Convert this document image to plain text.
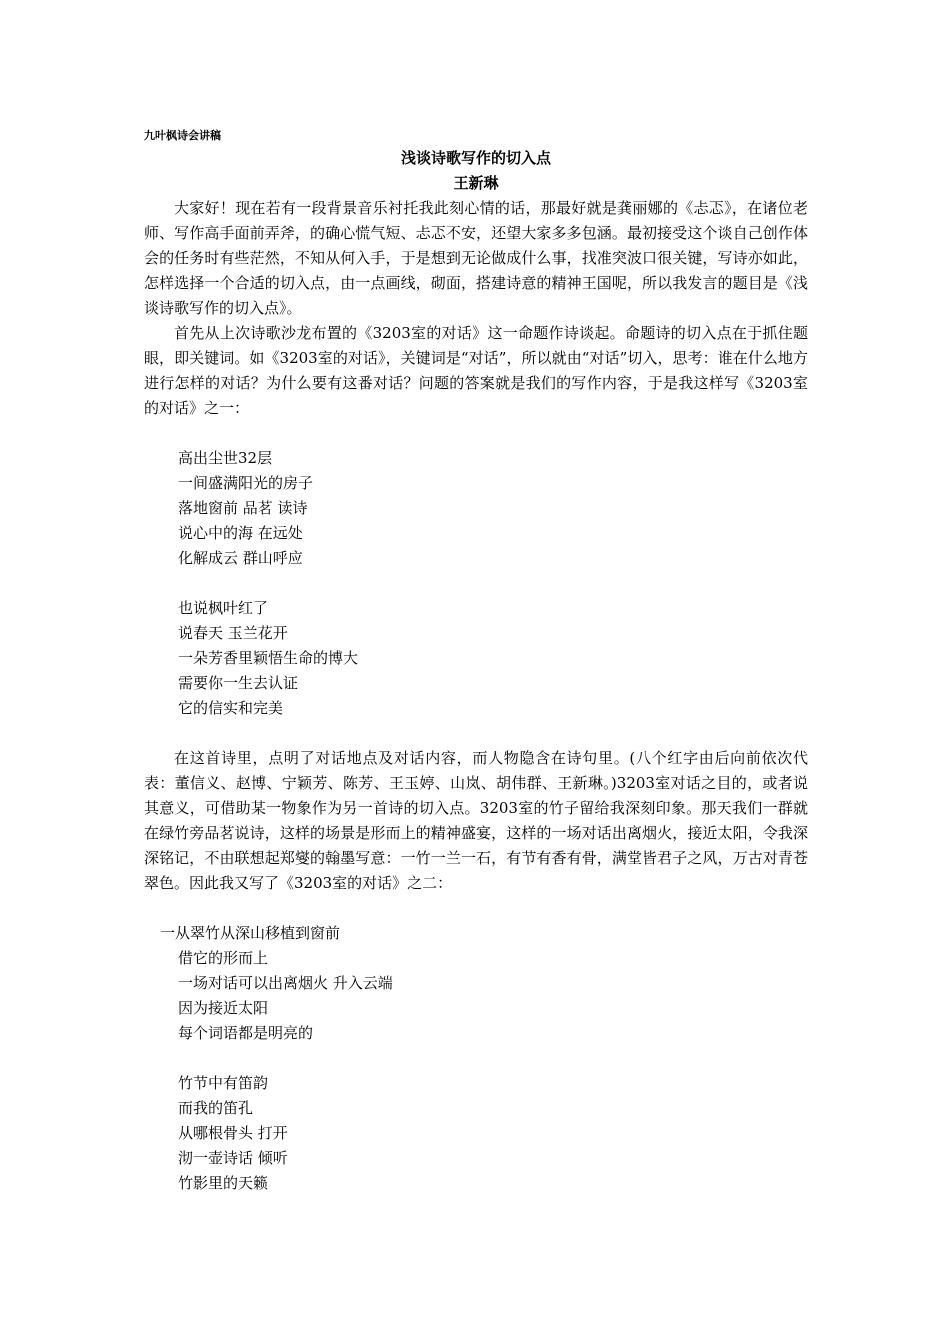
九叶枫诗会讲稿
浅谈诗歌写作的切入点
王新琳

大家好！现在若有一段背景音乐衬托我此刻心情的话，那最好就是龚丽娜的《忐忑》，在诸位老师、写作高手面前弄斧，的确心慌气短、忐忑不安，还望大家多多包涵。最初接受这个谈自己创作体会的任务时有些茫然，不知从何入手，于是想到无论做成什么事，找准突波口很关键，写诗亦如此，怎样选择一个合适的切入点，由一点画线，砌面，搭建诗意的精神王国呢，所以我发言的题目是《浅谈诗歌写作的切入点》。

首先从上次诗歌沙龙布置的《3203室的对话》这一命题作诗谈起。命题诗的切入点在于抓住题眼，即关键词。如《3203室的对话》，关键词是“对话”，所以就由“对话”切入，思考：谁在什么地方进行怎样的对话？为什么要有这番对话？问题的答案就是我们的写作内容，于是我这样写《3203室的对话》之一：

高出尘世32层
一间盛满阳光的房子
落地窗前 品茗 读诗
说心中的海 在远处
化解成云 群山呼应
也说枫叶红了
说春天 玉兰花开
一朵芳香里颖悟生命的博大
需要你一生去认证
它的信实和完美

在这首诗里，点明了对话地点及对话内容，而人物隐含在诗句里。(八个红字由后向前依次代表：董信义、赵博、宁颖芳、陈芳、王玉婷、山岚、胡伟群、王新琳。)3203室对话之目的，或者说其意义，可借助某一物象作为另一首诗的切入点。3203室的竹子留给我深刻印象。那天我们一群就在绿竹旁品茗说诗，这样的场景是形而上的精神盛宴，这样的一场对话出离烟火，接近太阳，令我深深铭记，不由联想起郑燮的翰墨写意：一竹一兰一石，有节有香有骨，满堂皆君子之风，万古对青苍翠色。因此我又写了《3203室的对话》之二：

一从翠竹从深山移植到窗前
借它的形而上
一场对话可以出离烟火 升入云端
因为接近太阳
每个词语都是明亮的
竹节中有笛韵
而我的笛孔
从哪根骨头 打开
沏一壶诗话 倾听
竹影里的天籁
